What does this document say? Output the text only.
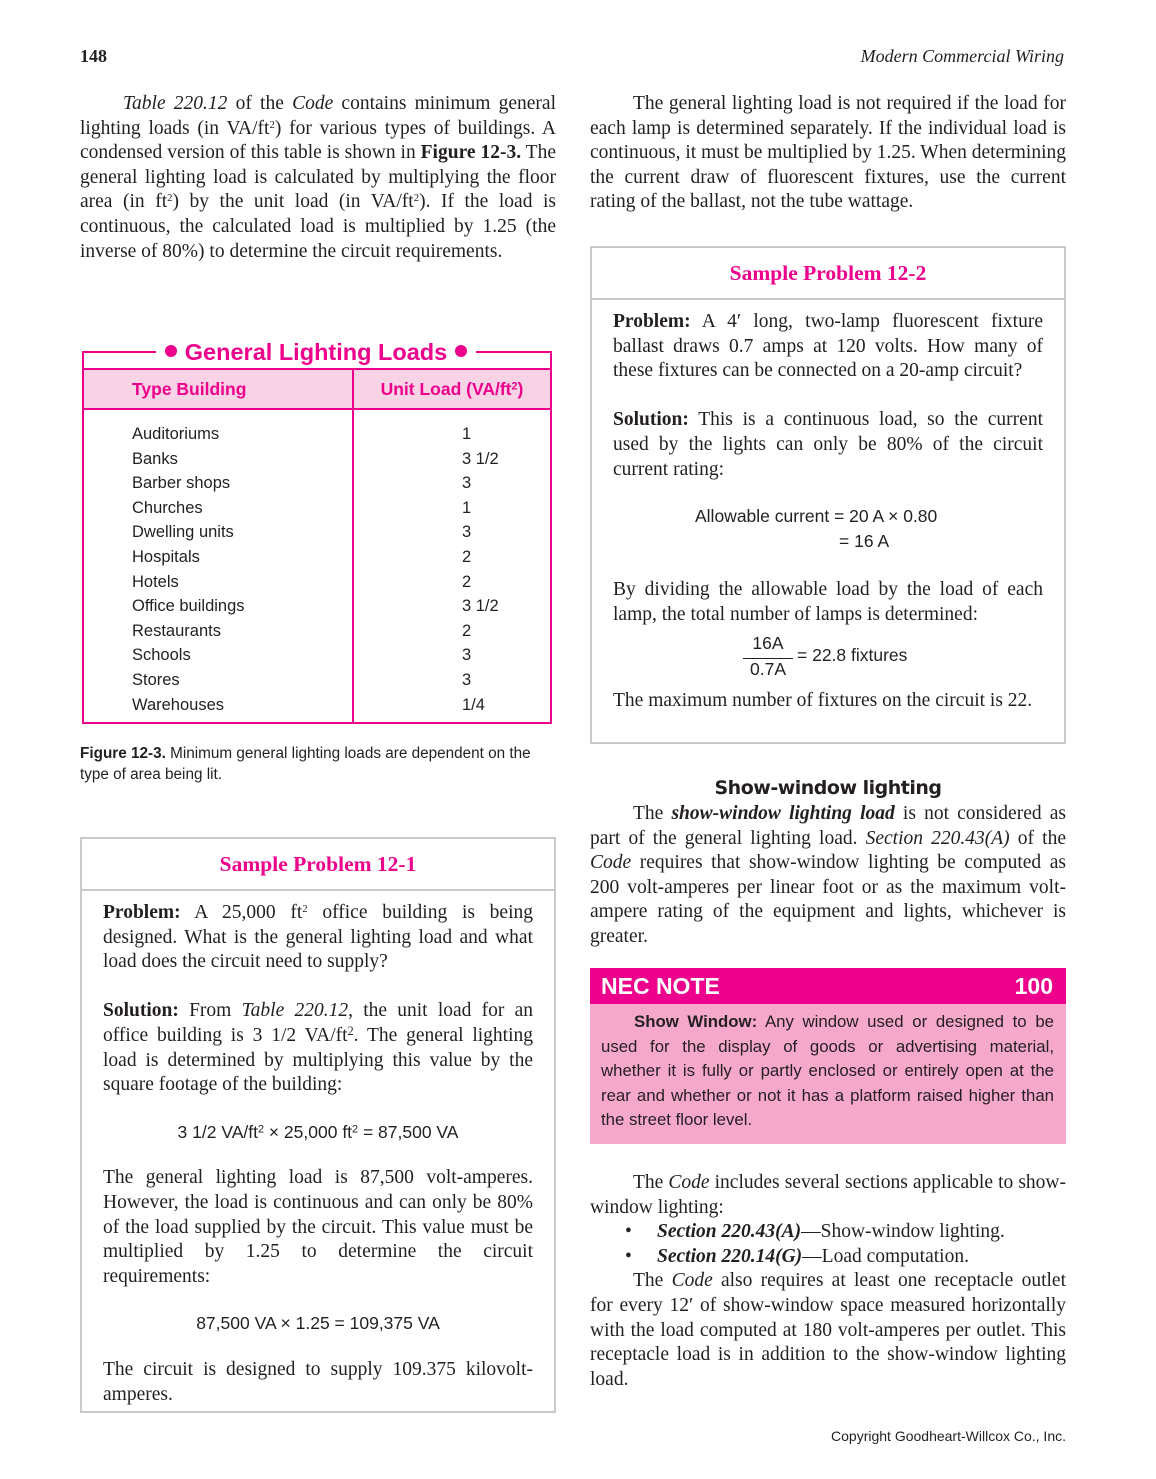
148	Modern Commercial Wiring

Table 220.12 of the Code contains minimum general lighting loads (in $VA/ft^2$) for various types of buildings. A condensed version of this table is shown in Figure 12-3. The general lighting load is calculated by multiplying the floor area (in $ft^2$) by the unit load (in $VA/ft^2$). If the load is continuous, the calculated load is multiplied by 1.25 (the inverse of 80%) to determine the circuit requirements.

General Lighting Loads
Type Building	Unit Load $(VA/ft^2)$
Auditoriums	1
Banks	3 1/2
Barber shops	3
Churches	1
Dwelling units	3
Hospitals	2
Hotels	2
Office buildings	3 1/2
Restaurants	2
Schools	3
Stores	3
Warehouses	1/4
Figure 12-3. Minimum general lighting loads are dependent on the type of area being lit.
Sample Problem 12-1

Problem: A 25,000 $ft^2$ office building is being designed. What is the general lighting load and what load does the circuit need to supply?

Solution: From Table 220.12, the unit load for an office building is 3 1/2 $VA/ft^2$. The general lighting load is determined by multiplying this value by the square footage of the building:

3 1/2 $VA/ft^2 \times 25,000$ $ft^2 = 87,500$ VA

The general lighting load is 87,500 volt-amperes. However, the load is continuous and can only be 80% of the load supplied by the circuit. This value must be multiplied by 1.25 to determine the circuit requirements:

87,500 VA × 1.25 = 109,375 VA

The circuit is designed to supply 109.375 kilovolt-amperes.

The general lighting load is not required if the load for each lamp is determined separately. If the individual load is continuous, it must be multiplied by 1.25. When determining the current draw of fluorescent fixtures, use the current rating of the ballast, not the tube wattage.

Sample Problem 12-2

Problem: A 4′ long, two-lamp fluorescent fixture ballast draws 0.7 amps at 120 volts. How many of these fixtures can be connected on a 20-amp circuit?

Solution: This is a continuous load, so the current used by the lights can only be 80% of the circuit current rating:

Allowable current = 20 A × 0.80
= 16 A

By dividing the allowable load by the load of each lamp, the total number of lamps is determined:

16A
0.7A
= 22.8 fixtures

The maximum number of fixtures on the circuit is 22.

Show-window lighting

The show-window lighting load is not considered as part of the general lighting load. Section 220.43(A) of the Code requires that show-window lighting be computed as 200 volt-amperes per linear foot or as the maximum volt-ampere rating of the equipment and lights, whichever is greater.

NEC NOTE	100

Show Window: Any window used or designed to be used for the display of goods or advertising material, whether it is fully or partly enclosed or entirely open at the rear and whether or not it has a platform raised higher than the street floor level.

The Code includes several sections applicable to show-window lighting:

• Section 220.43(A)—Show-window lighting.
• Section 220.14(G)—Load computation.

The Code also requires at least one receptacle outlet for every 12′ of show-window space measured horizontally with the load computed at 180 volt-amperes per outlet. This receptacle load is in addition to the show-window lighting load.

Copyright Goodheart-Willcox Co., Inc.
